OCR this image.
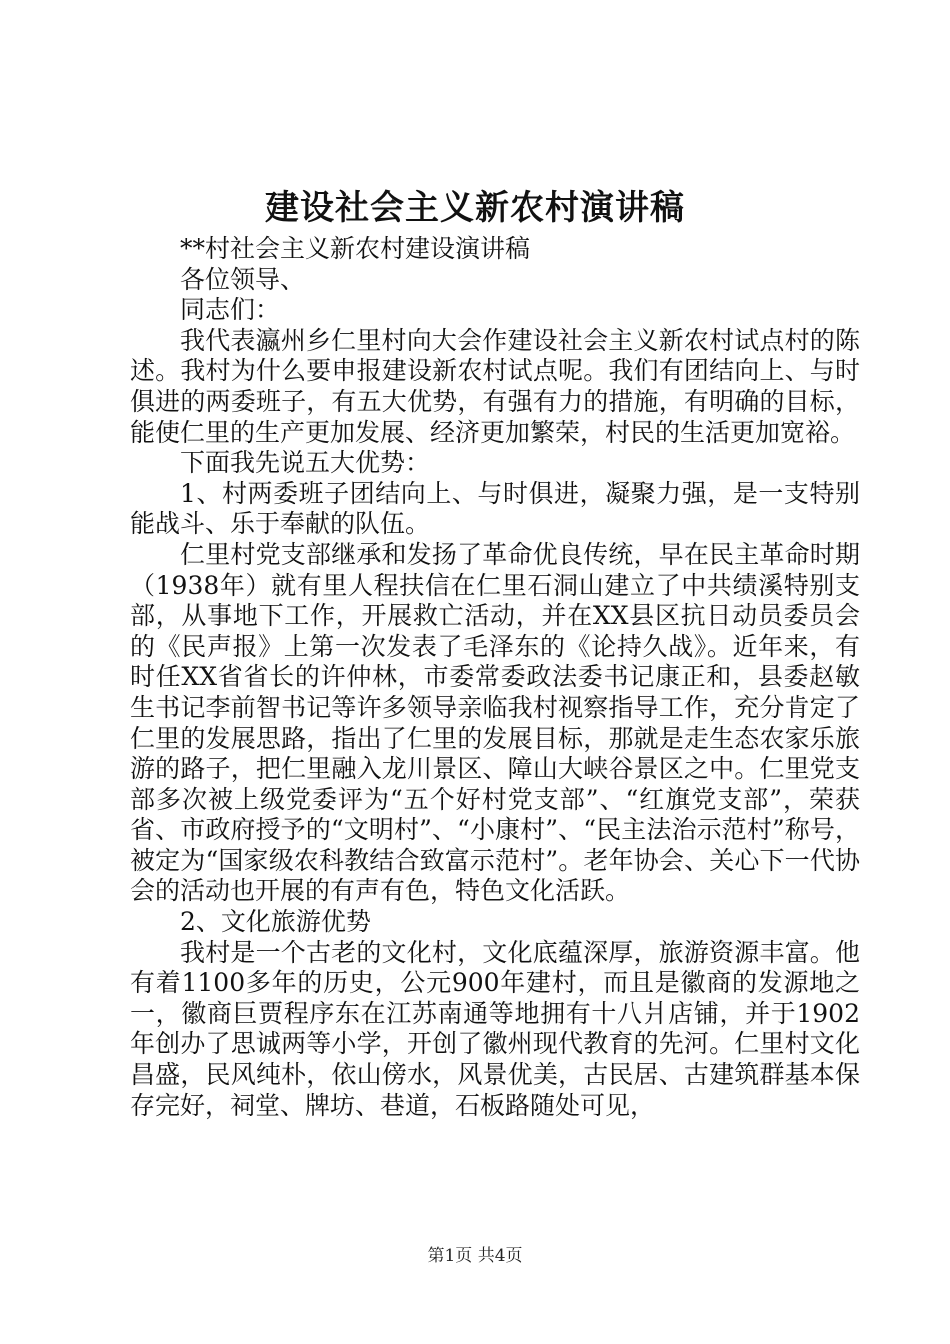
建设社会主义新农村演讲稿

**村社会主义新农村建设演讲稿

各位领导、

同志们：

我代表瀛州乡仁里村向大会作建设社会主义新农村试点村的陈述。我村为什么要申报建设新农村试点呢。我们有团结向上、与时俱进的两委班子，有五大优势，有强有力的措施，有明确的目标，能使仁里的生产更加发展、经济更加繁荣，村民的生活更加宽裕。

下面我先说五大优势：

1、村两委班子团结向上、与时俱进，凝聚力强，是一支特别能战斗、乐于奉献的队伍。

仁里村党支部继承和发扬了革命优良传统，早在民主革命时期（1938年）就有里人程扶信在仁里石洞山建立了中共绩溪特别支部，从事地下工作，开展救亡活动，并在XX县区抗日动员委员会的《民声报》上第一次发表了毛泽东的《论持久战》。近年来，有时任XX省省长的许仲林，市委常委政法委书记康正和，县委赵敏生书记李前智书记等许多领导亲临我村视察指导工作，充分肯定了仁里的发展思路，指出了仁里的发展目标，那就是走生态农家乐旅游的路子，把仁里融入龙川景区、障山大峡谷景区之中。仁里党支部多次被上级党委评为“五个好村党支部”、“红旗党支部”，荣获省、市政府授予的“文明村”、“小康村”、“民主法治示范村”称号，被定为“国家级农科教结合致富示范村”。老年协会、关心下一代协会的活动也开展的有声有色，特色文化活跃。

2、文化旅游优势

我村是一个古老的文化村，文化底蕴深厚，旅游资源丰富。他有着1100多年的历史，公元900年建村，而且是徽商的发源地之一，徽商巨贾程序东在江苏南通等地拥有十八爿店铺，并于1902年创办了思诚两等小学，开创了徽州现代教育的先河。仁里村文化昌盛，民风纯朴，依山傍水，风景优美，古民居、古建筑群基本保存完好，祠堂、牌坊、巷道，石板路随处可见，

第1页 共4页
